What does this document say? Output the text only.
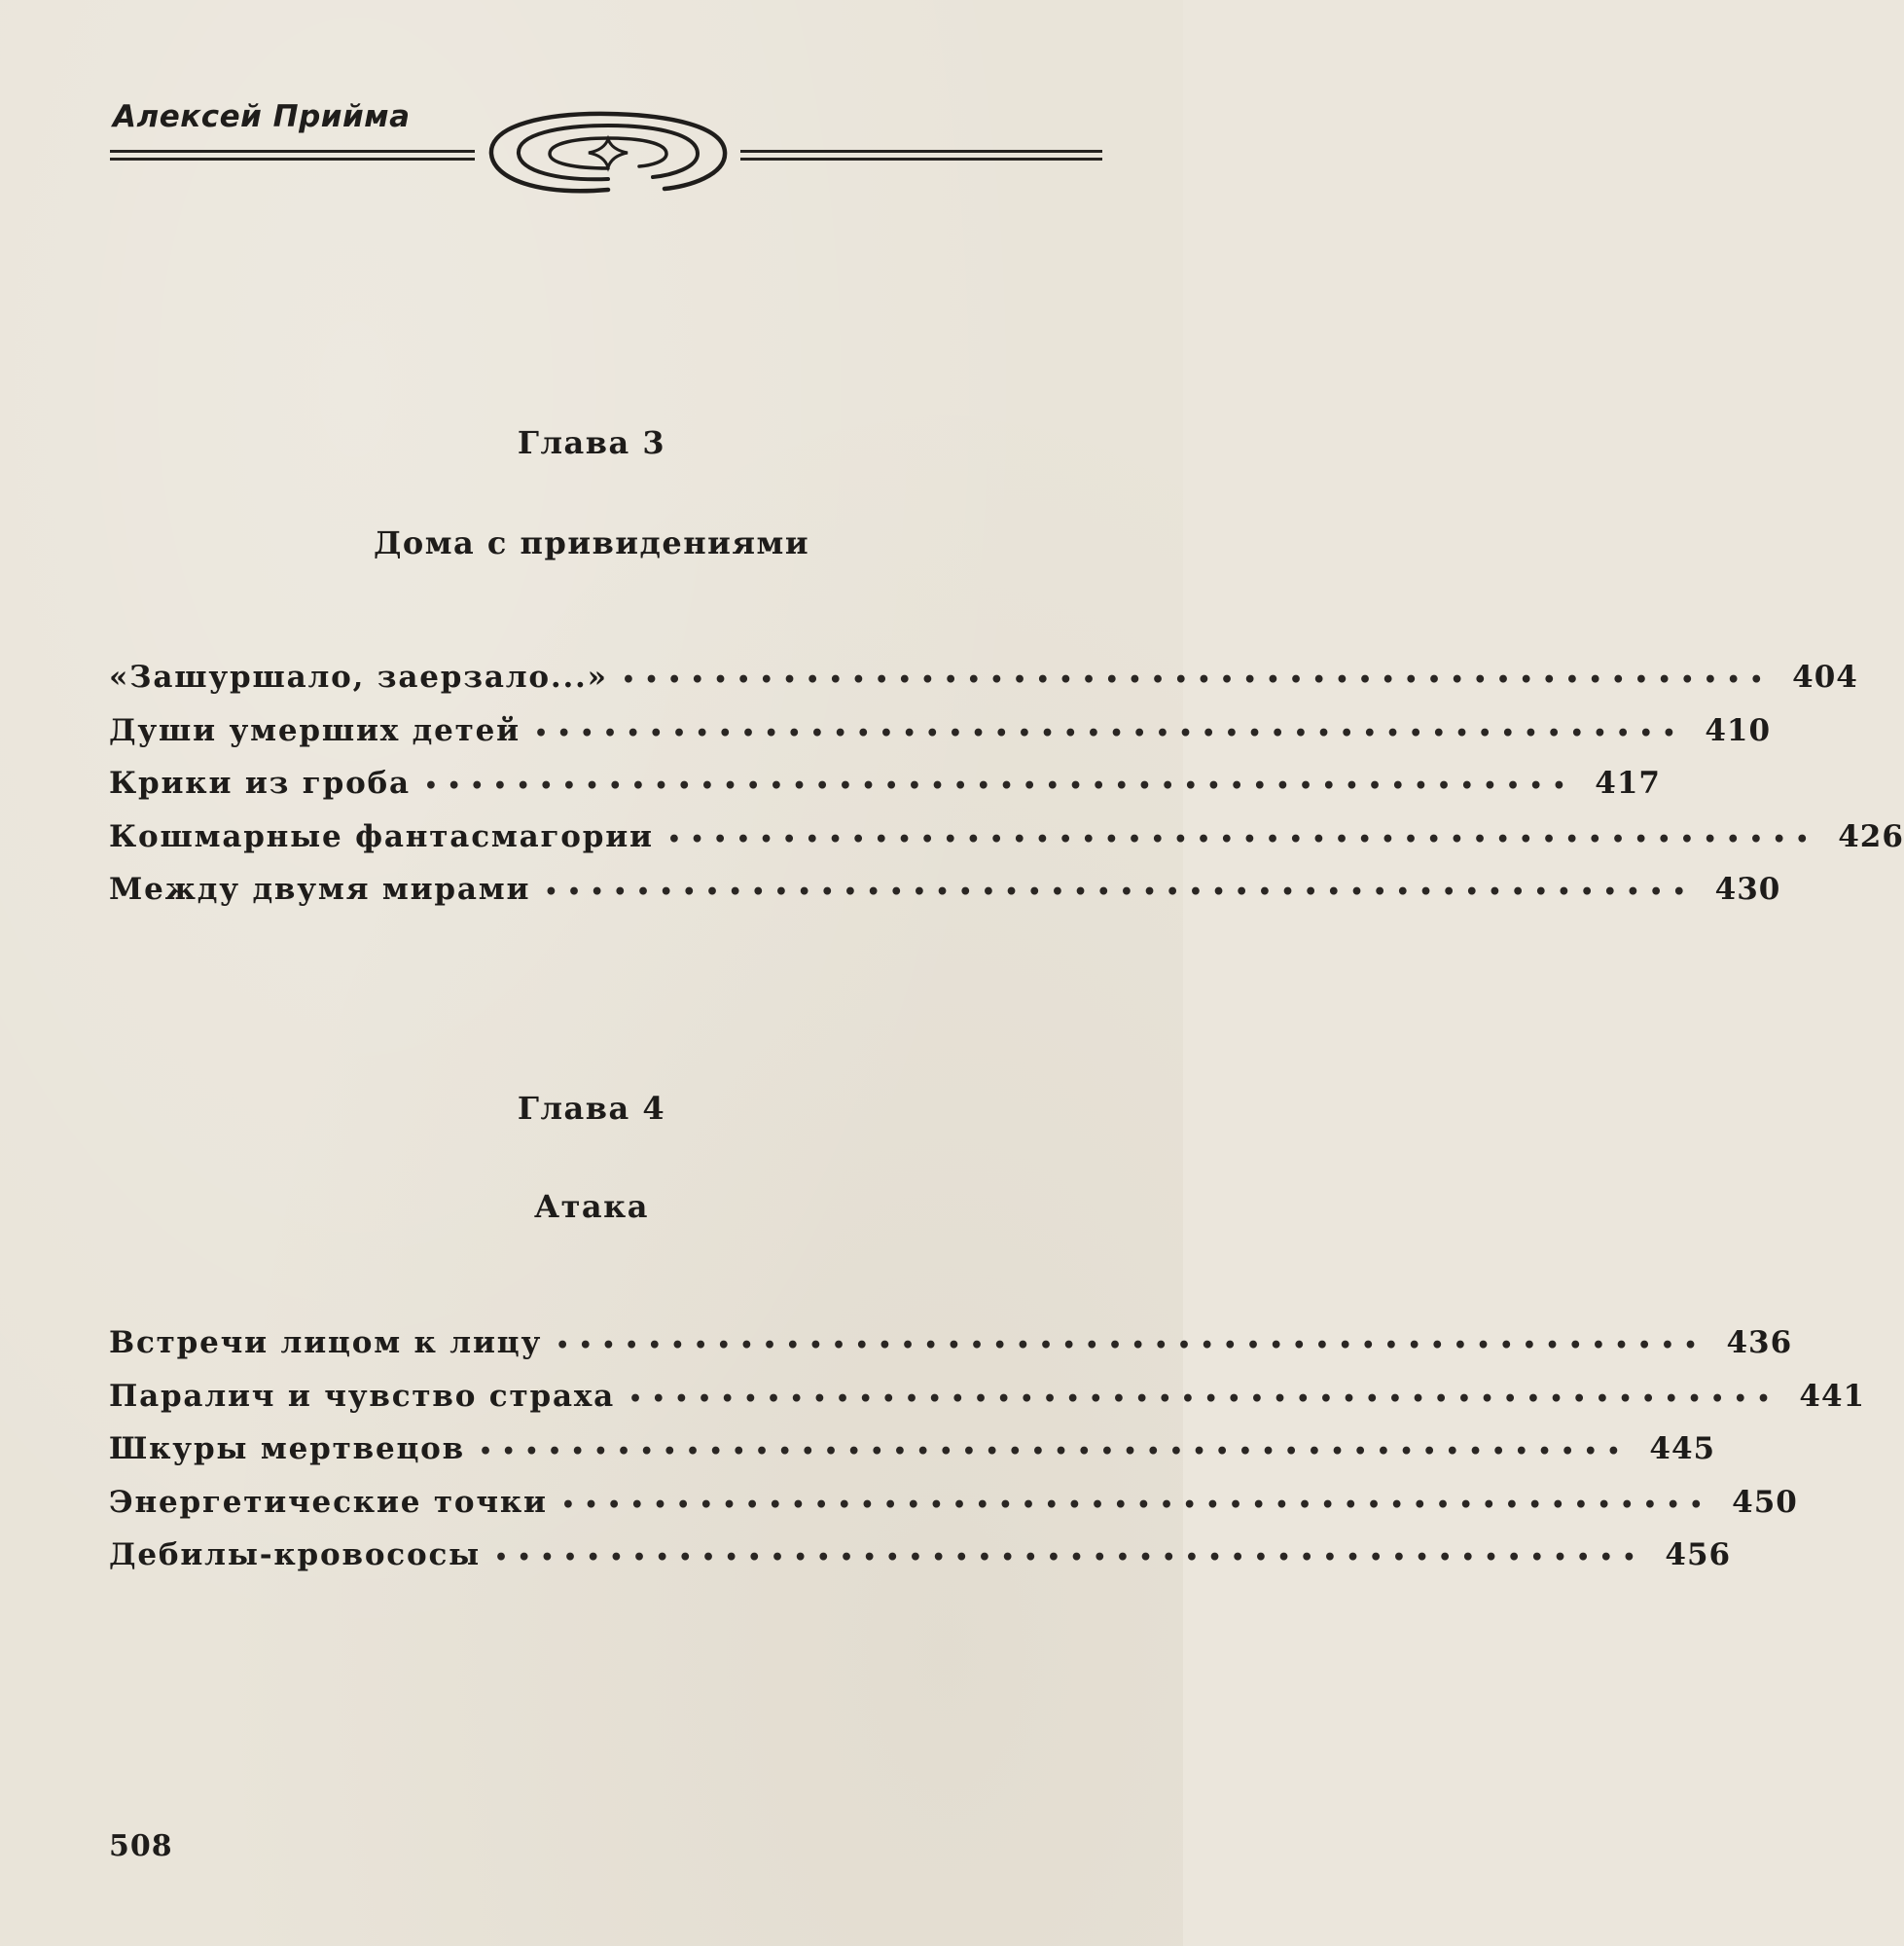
Алексей Прийма
Глава 3
Дома с привидениями
«Зашуршало, заерзало...» •••••••••••••••••••••••••••••••••••••••••••••••••• 404
Души умерших детей •••••••••••••••••••••••••••••••••••••••••••••••••• 410
Крики из гроба •••••••••••••••••••••••••••••••••••••••••••••••••• 417
Кошмарные фантасмагории •••••••••••••••••••••••••••••••••••••••••••••••••• 426
Между двумя мирами •••••••••••••••••••••••••••••••••••••••••••••••••• 430
Глава 4
Атака
Встречи лицом к лицу •••••••••••••••••••••••••••••••••••••••••••••••••• 436
Паралич и чувство страха •••••••••••••••••••••••••••••••••••••••••••••••••• 441
Шкуры мертвецов •••••••••••••••••••••••••••••••••••••••••••••••••• 445
Энергетические точки •••••••••••••••••••••••••••••••••••••••••••••••••• 450
Дебилы-кровососы •••••••••••••••••••••••••••••••••••••••••••••••••• 456
508
